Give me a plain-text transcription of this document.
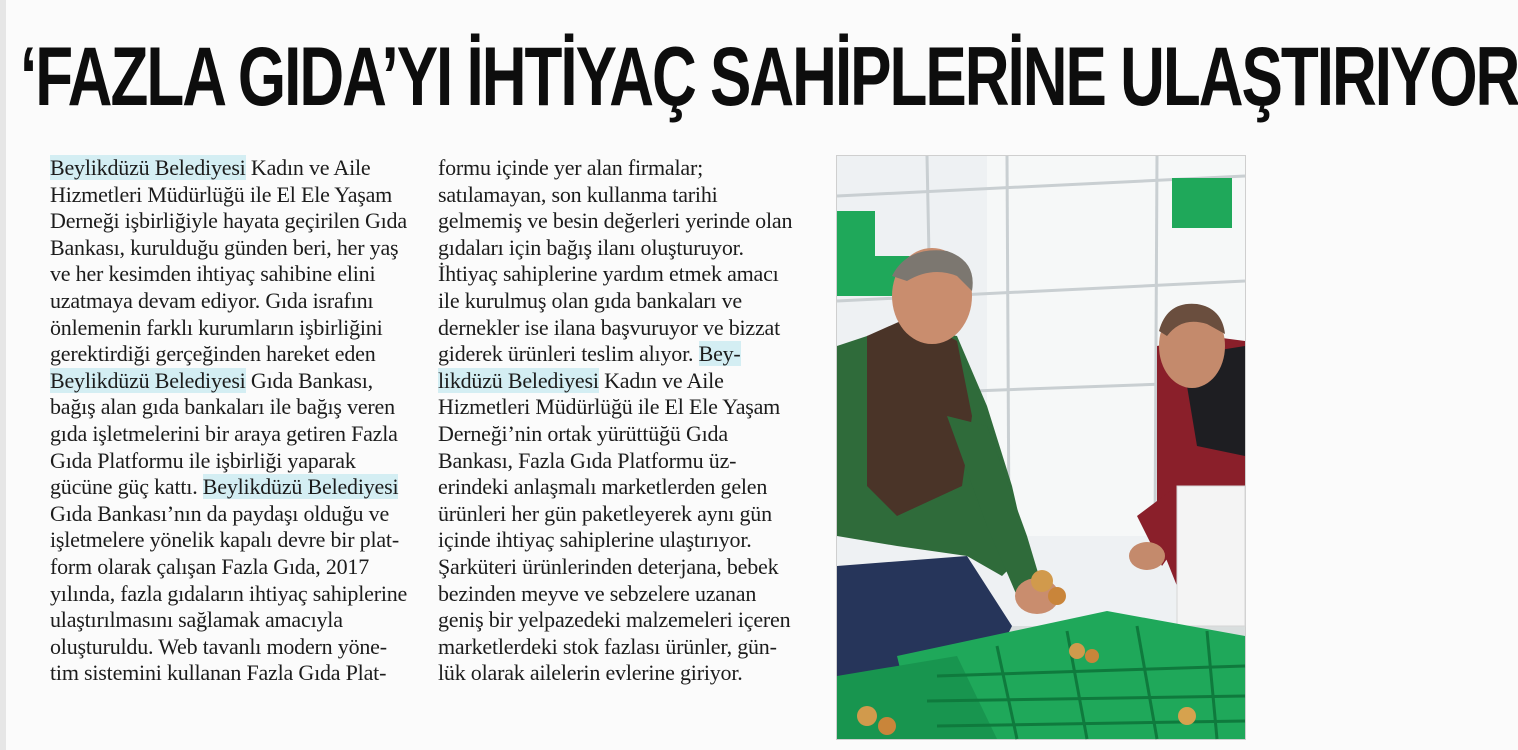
‘FAZLA GIDA’YI İHTİYAÇ SAHİPLERİNE ULAŞTIRIYOR
Beylikdüzü Belediyesi Kadın ve Aile
Hizmetleri Müdürlüğü ile El Ele Yaşam
Derneği işbirliğiyle hayata geçirilen Gıda
Bankası, kurulduğu günden beri, her yaş
ve her kesimden ihtiyaç sahibine elini
uzatmaya devam ediyor. Gıda israfını
önlemenin farklı kurumların işbirliğini
gerektirdiği gerçeğinden hareket eden
Beylikdüzü Belediyesi Gıda Bankası,
bağış alan gıda bankaları ile bağış veren
gıda işletmelerini bir araya getiren Fazla
Gıda Platformu ile işbirliği yaparak
gücüne güç kattı. Beylikdüzü Belediyesi
Gıda Bankası’nın da paydaşı olduğu ve
işletmelere yönelik kapalı devre bir plat-
form olarak çalışan Fazla Gıda, 2017
yılında, fazla gıdaların ihtiyaç sahiplerine
ulaştırılmasını sağlamak amacıyla
oluşturuldu. Web tavanlı modern yöne-
tim sistemini kullanan Fazla Gıda Plat-
formu içinde yer alan firmalar;
satılamayan, son kullanma tarihi
gelmemiş ve besin değerleri yerinde olan
gıdaları için bağış ilanı oluşturuyor.
İhtiyaç sahiplerine yardım etmek amacı
ile kurulmuş olan gıda bankaları ve
dernekler ise ilana başvuruyor ve bizzat
giderek ürünleri teslim alıyor. Bey-
likdüzü Belediyesi Kadın ve Aile
Hizmetleri Müdürlüğü ile El Ele Yaşam
Derneği’nin ortak yürüttüğü Gıda
Bankası, Fazla Gıda Platformu üz-
erindeki anlaşmalı marketlerden gelen
ürünleri her gün paketleyerek aynı gün
içinde ihtiyaç sahiplerine ulaştırıyor.
Şarküteri ürünlerinden deterjana, bebek
bezinden meyve ve sebzelere uzanan
geniş bir yelpazedeki malzemeleri içeren
marketlerdeki stok fazlası ürünler, gün-
lük olarak ailelerin evlerine giriyor.
